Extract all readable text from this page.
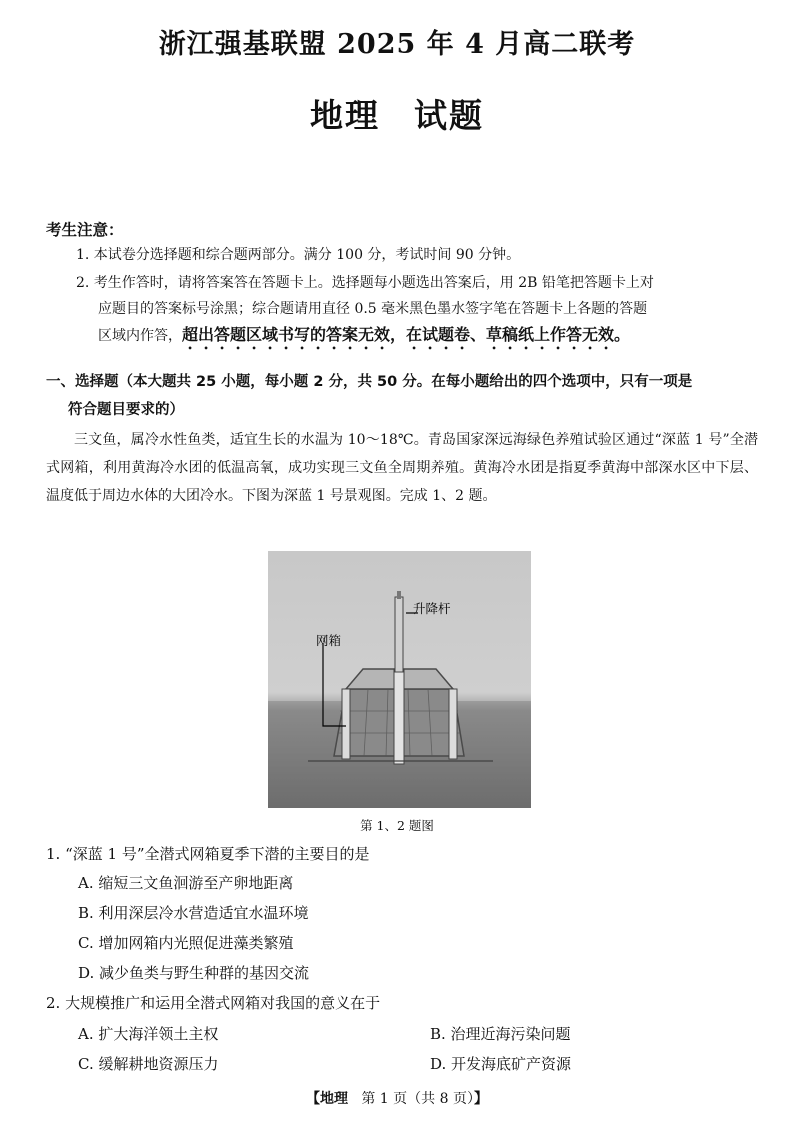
浙江强基联盟 2025 年 4 月高二联考
地理 试题
考生注意：
1. 本试卷分选择题和综合题两部分。满分 100 分，考试时间 90 分钟。
2. 考生作答时，请将答案答在答题卡上。选择题每小题选出答案后，用 2B 铅笔把答题卡上对
应题目的答案标号涂黑；综合题请用直径 0.5 毫米黑色墨水签字笔在答题卡上各题的答题
区域内作答，超出答题区域书写的答案无效，在试题卷、草稿纸上作答无效。
一、选择题（本大题共 25 小题，每小题 2 分，共 50 分。在每小题给出的四个选项中，只有一项是
符合题目要求的）
三文鱼，属冷水性鱼类，适宜生长的水温为 10～18℃。青岛国家深远海绿色养殖试验区通过“深蓝 1 号”全潜式网箱，利用黄海冷水团的低温高氧，成功实现三文鱼全周期养殖。黄海冷水团是指夏季黄海中部深水区中下层、温度低于周边水体的大团冷水。下图为深蓝 1 号景观图。完成 1、2 题。
网箱
升降杆
第 1、2 题图
1. “深蓝 1 号”全潜式网箱夏季下潜的主要目的是
A. 缩短三文鱼洄游至产卵地距离
B. 利用深层冷水营造适宜水温环境
C. 增加网箱内光照促进藻类繁殖
D. 减少鱼类与野生种群的基因交流
2. 大规模推广和运用全潜式网箱对我国的意义在于
A. 扩大海洋领土主权	B. 治理近海污染问题
C. 缓解耕地资源压力	D. 开发海底矿产资源
【地理 第 1 页（共 8 页）】
